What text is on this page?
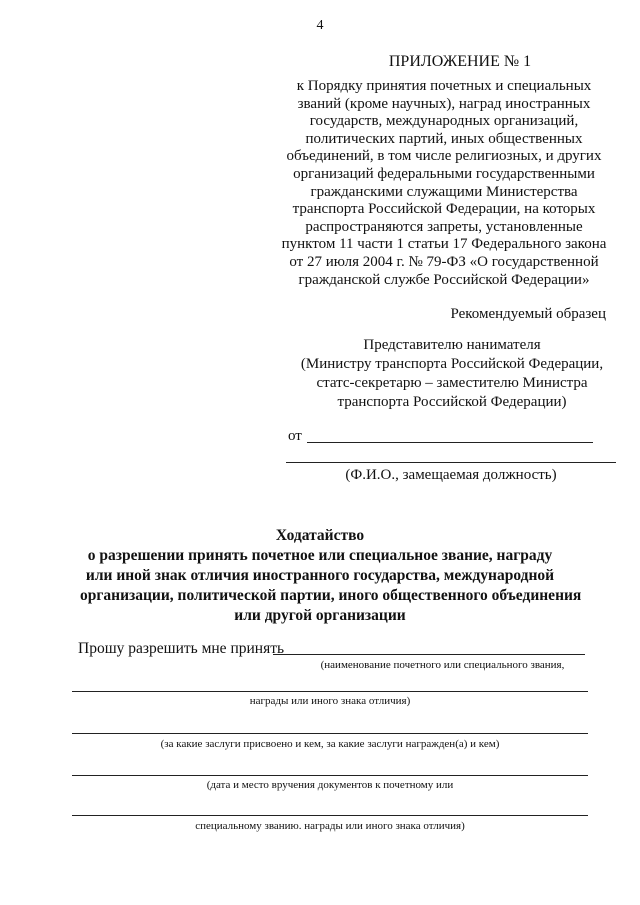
4
ПРИЛОЖЕНИЕ № 1
к Порядку принятия почетных и специальных
званий (кроме научных), наград иностранных
государств, международных организаций,
политических партий, иных общественных
объединений, в том числе религиозных, и других
организаций федеральными государственными
гражданскими служащими Министерства
транспорта Российской Федерации, на которых
распространяются запреты, установленные
пунктом 11 части 1 статьи 17 Федерального закона
от 27 июля 2004 г. № 79-ФЗ «О государственной
гражданской службе Российской Федерации»
Рекомендуемый образец
Представителю нанимателя
(Министру транспорта Российской Федерации,
статс-секретарю – заместителю Министра
транспорта Российской Федерации)
от
(Ф.И.О., замещаемая должность)
Ходатайство
о разрешении принять почетное или специальное звание, награду
или иной знак отличия иностранного государства, международной
организации, политической партии, иного общественного объединения
или другой организации
Прошу разрешить мне принять
(наименование почетного или специального звания,
награды или иного знака отличия)
(за какие заслуги присвоено и кем, за какие заслуги награжден(а) и кем)
(дата и место вручения документов к почетному или
специальному званию. награды или иного знака отличия)
